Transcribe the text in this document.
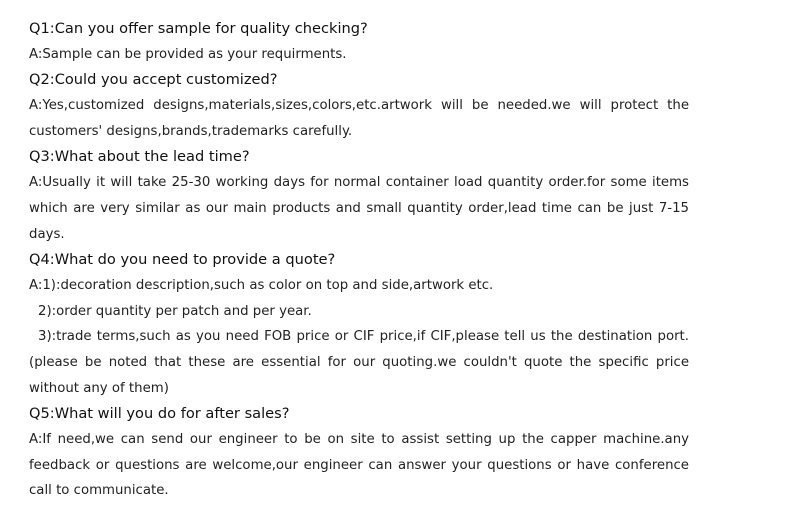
Q1:Can you offer sample for quality checking?
A:Sample can be provided as your requirments.
Q2:Could you accept customized?
A:Yes,customized designs,materials,sizes,colors,etc.artwork will be needed.we will protect the
customers' designs,brands,trademarks carefully.
Q3:What about the lead time?
A:Usually it will take 25-30 working days for normal container load quantity order.for some items
which are very similar as our main products and small quantity order,lead time can be just 7-15
days.
Q4:What do you need to provide a quote?
A:1):decoration description,such as color on top and side,artwork etc.
2):order quantity per patch and per year.
3):trade terms,such as you need FOB price or CIF price,if CIF,please tell us the destination port.
(please be noted that these are essential for our quoting.we couldn't quote the specific price
without any of them)
Q5:What will you do for after sales?
A:If need,we can send our engineer to be on site to assist setting up the capper machine.any
feedback or questions are welcome,our engineer can answer your questions or have conference
call to communicate.
